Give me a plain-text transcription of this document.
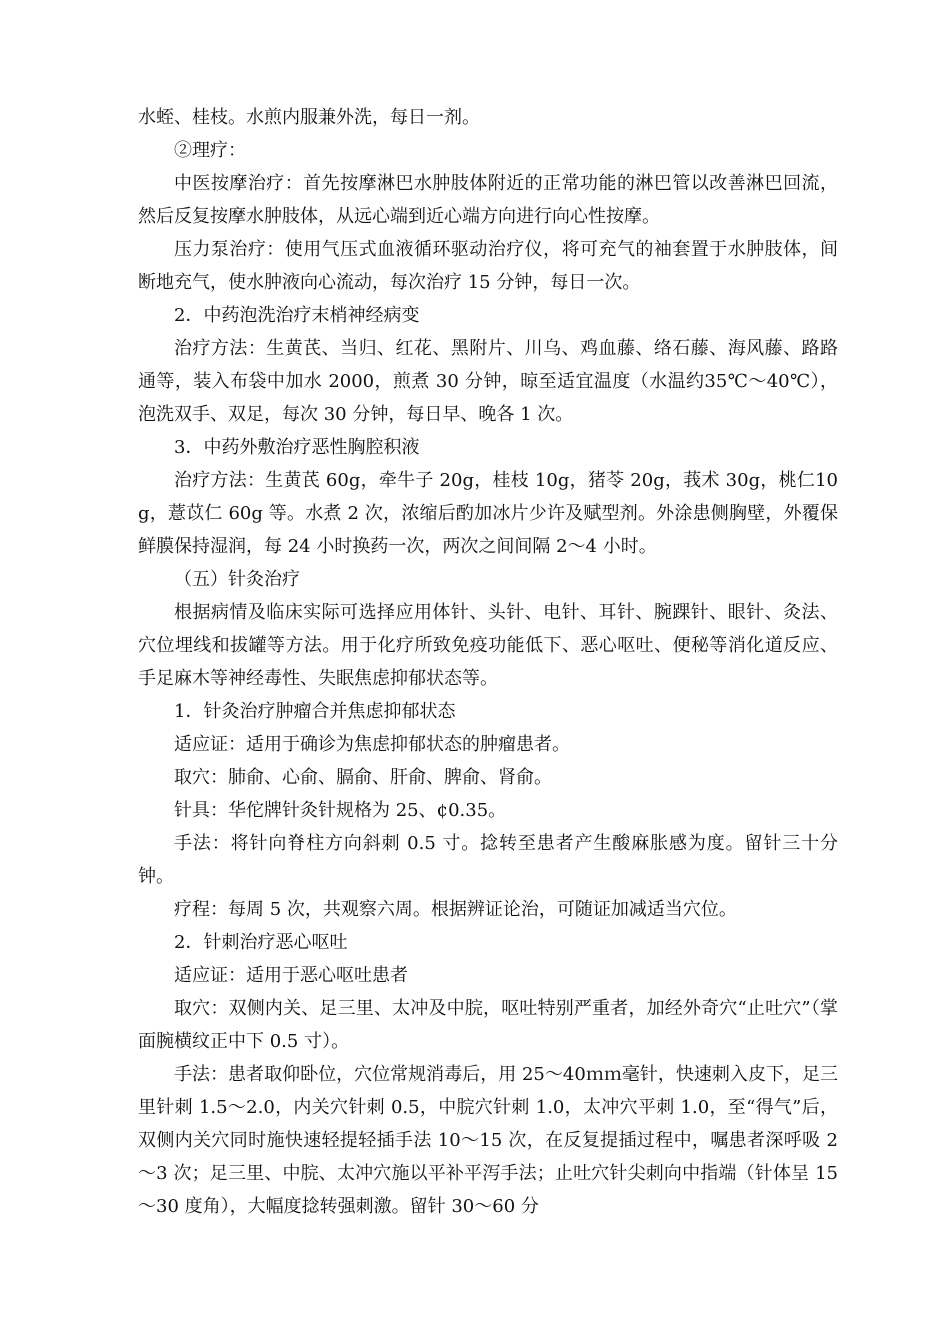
水蛭、桂枝。水煎内服兼外洗，每日一剂。

②理疗：

中医按摩治疗：首先按摩淋巴水肿肢体附近的正常功能的淋巴管以改善淋巴回流，然后反复按摩水肿肢体，从远心端到近心端方向进行向心性按摩。

压力泵治疗：使用气压式血液循环驱动治疗仪，将可充气的袖套置于水肿肢体，间断地充气，使水肿液向心流动，每次治疗 15 分钟，每日一次。

2．中药泡洗治疗末梢神经病变

治疗方法：生黄芪、当归、红花、黑附片、川乌、鸡血藤、络石藤、海风藤、路路通等，装入布袋中加水 2000，煎煮 30 分钟，晾至适宜温度（水温约35℃～40℃），泡洗双手、双足，每次 30 分钟，每日早、晚各 1 次。

3．中药外敷治疗恶性胸腔积液

治疗方法：生黄芪 60g，牵牛子 20g，桂枝 10g，猪苓 20g，莪术 30g，桃仁10g，薏苡仁 60g 等。水煮 2 次，浓缩后酌加冰片少许及赋型剂。外涂患侧胸壁，外覆保鲜膜保持湿润，每 24 小时换药一次，两次之间间隔 2～4 小时。

（五）针灸治疗

根据病情及临床实际可选择应用体针、头针、电针、耳针、腕踝针、眼针、灸法、穴位埋线和拔罐等方法。用于化疗所致免疫功能低下、恶心呕吐、便秘等消化道反应、手足麻木等神经毒性、失眠焦虑抑郁状态等。

1．针灸治疗肿瘤合并焦虑抑郁状态

适应证：适用于确诊为焦虑抑郁状态的肿瘤患者。

取穴：肺俞、心俞、膈俞、肝俞、脾俞、肾俞。

针具：华佗牌针灸针规格为 25、¢0.35。

手法：将针向脊柱方向斜刺 0.5 寸。捻转至患者产生酸麻胀感为度。留针三十分钟。

疗程：每周 5 次，共观察六周。根据辨证论治，可随证加减适当穴位。

2．针刺治疗恶心呕吐

适应证：适用于恶心呕吐患者

取穴：双侧内关、足三里、太冲及中脘，呕吐特别严重者，加经外奇穴“止吐穴”（掌面腕横纹正中下 0.5 寸）。

手法：患者取仰卧位，穴位常规消毒后，用 25～40ｍｍ毫针，快速刺入皮下，足三里针刺 1.5～2.0，内关穴针刺 0.5，中脘穴针刺 1.0，太冲穴平刺 1.0，至“得气”后，双侧内关穴同时施快速轻提轻插手法 10～15 次，在反复提插过程中，嘱患者深呼吸 2～3 次；足三里、中脘、太冲穴施以平补平泻手法；止吐穴针尖刺向中指端（针体呈 15～30 度角），大幅度捻转强刺激。留针 30～60 分
